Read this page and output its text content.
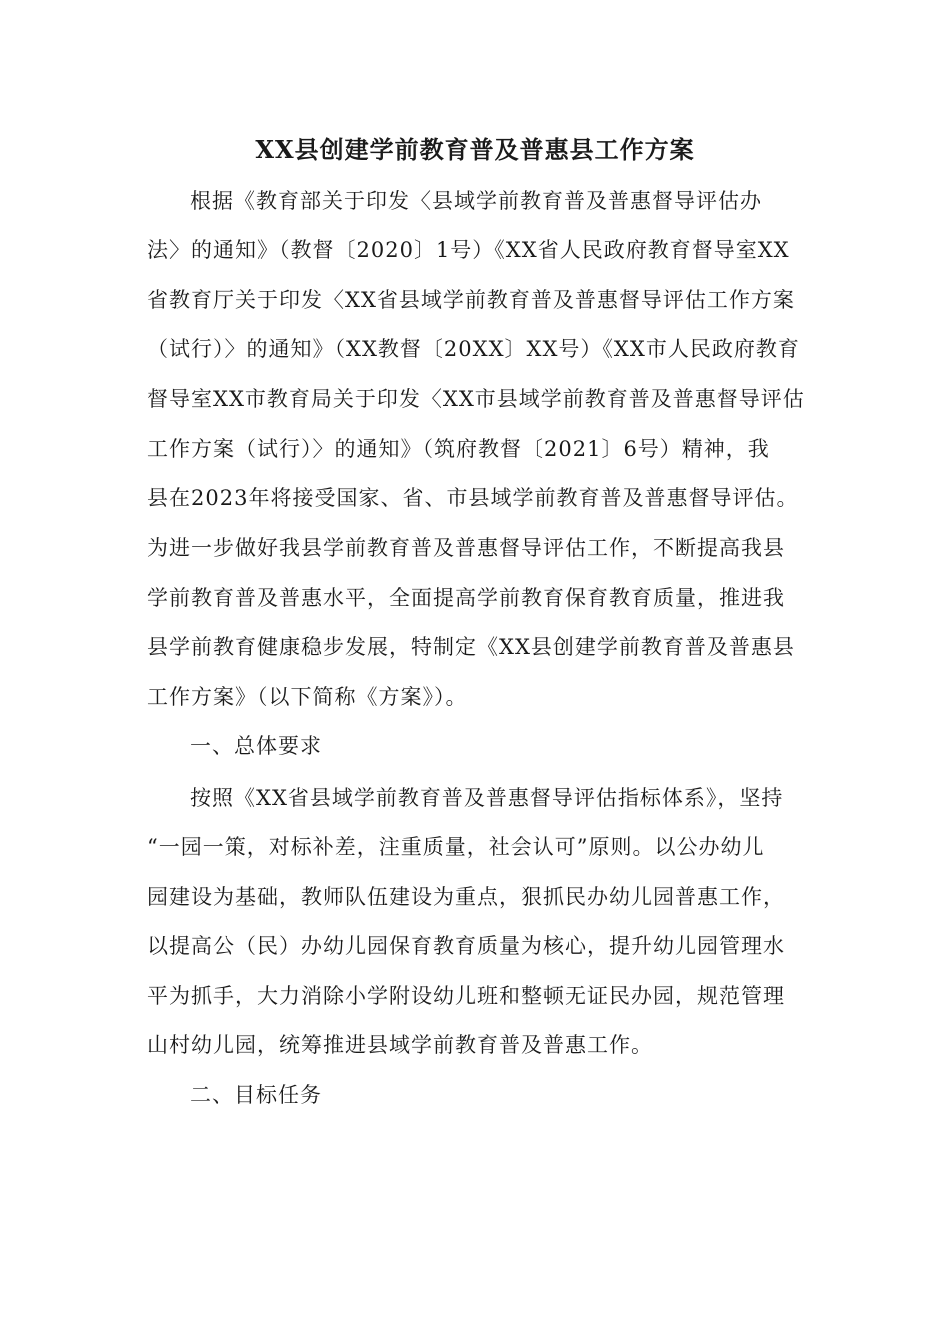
XX县创建学前教育普及普惠县工作方案
根据《教育部关于印发〈县域学前教育普及普惠督导评估办
法〉的通知》（教督〔2020〕1号）《XX省人民政府教育督导室XX
省教育厅关于印发〈XX省县域学前教育普及普惠督导评估工作方案
（试行）〉的通知》（XX教督〔20XX〕XX号）《XX市人民政府教育
督导室XX市教育局关于印发〈XX市县域学前教育普及普惠督导评估
工作方案（试行）〉的通知》（筑府教督〔2021〕6号）精神，我
县在2023年将接受国家、省、市县域学前教育普及普惠督导评估。
为进一步做好我县学前教育普及普惠督导评估工作，不断提高我县
学前教育普及普惠水平，全面提高学前教育保育教育质量，推进我
县学前教育健康稳步发展，特制定《XX县创建学前教育普及普惠县
工作方案》（以下简称《方案》）。
一、总体要求
按照《XX省县域学前教育普及普惠督导评估指标体系》，坚持
“一园一策，对标补差，注重质量，社会认可”原则。以公办幼儿
园建设为基础，教师队伍建设为重点，狠抓民办幼儿园普惠工作，
以提高公（民）办幼儿园保育教育质量为核心，提升幼儿园管理水
平为抓手，大力消除小学附设幼儿班和整顿无证民办园，规范管理
山村幼儿园，统筹推进县域学前教育普及普惠工作。
二、目标任务
